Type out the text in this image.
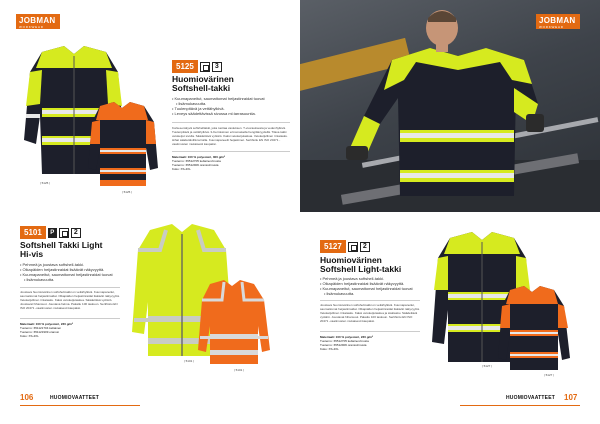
JOBMAN
WORKWEAR
| 5125 |
| 5125 |
5125	3
Huomiovärinen
Softshell-takki
• Kuumapaneitut, saumattomat heijastinraidat tuovat
• lisämukavuutta.
• Tuulenpitävä ja vettähylkivä.
• Leveys säädettävissä sivussa ml.tarrasuuntia.
Korkea-näkyvä softshelltakki, joka tuottaa vastuksen. T-vuorauksesta ja vedenhylkivä. Tuulenpitävä ja vettähylkivä. 3-Kerroksinen erinomaisella hengittävyydellä. Tilava takki vetoketjut sivulla. Säädettävä vyötärö. Kaksi vetoketjutaskua. Vetoketjullinen rintatasku. Hihat säädettävillä tarroilla. Kuumapaneelit heijastimet. Sertifioitu EN ISO 20471 -vaatimusten mukaisesti kaupaksi.
Materiaali: 100 % polyesteri, 300 g/m²
Tuotenro: 65512705 keltainen/musta
Tuotenro: 65512906 oranssi/musta
Koko: XS-4XL
5101	P	2
Softshell Takki Light
Hi-vis
• Pehmeä ja joustava softshell-takki.
• Olkapäiden heijastinraidat lisäävät näkyvyyttä.
• Kuumapaneitut, saumattomat heijastinraidat tuovat
• lisämukavuutta.
Joustava huomiovärinen softshell-takki on vettähylkivä. Kuumapaneitut, saumattomat heijastinraidat. Olkapäiden heijastinraidat lisäävät näkyvyyttä. Vetoketjullinen rintatasku. Kaksi vetoketjutaskua. Säädettävä vyötärö. Joustavat hihansuut. Joustava helma. Pakattu 100 taskuun. Sertifioitu EN ISO 20471 -vaatimusten mukaisesti kaupaksi.
Materiaali: 100 % polyesteri, 230 g/m²
Tuotenro: 651121704 keltainen
Tuotenro: 651121909 oranssi
Koko: XS-4XL
| 5101 |
| 5101 |
106	HUOMIOVAATTEET
JOBMAN
WORKWEAR
5127	2
Huomiovärinen
Softshell Light-takki
• Pehmeä ja joustava softshell-takki.
• Olkapäiden heijastinraidat lisäävät näkyvyyttä.
• Kuumapaneitut, saumattomat heijastinraidat tuovat
• lisämukavuutta.
Joustava huomiovärinen softshell-takki on vettähylkivä. Kuumapaneitut, saumattomat heijastinraidat. Olkapäiden heijastinraidat lisäävät näkyvyyttä. Vetoketjullinen rintatasku. Kaksi vetoketjutaskua ja sisätasku. Säädettävä vyötärö. Joustavat hihansuut. Pakattu 100 taskuun. Sertifioitu EN ISO 20471 -vaatimusten mukaisesti kaupaksi.
Materiaali: 100 % polyesteri, 230 g/m²
Tuotenro: 65512705 keltainen/musta
Tuotenro: 65512906 oranssi/musta
Koko: XS-4XL
| 5127 |
| 5127 |
HUOMIOVAATTEET 107
